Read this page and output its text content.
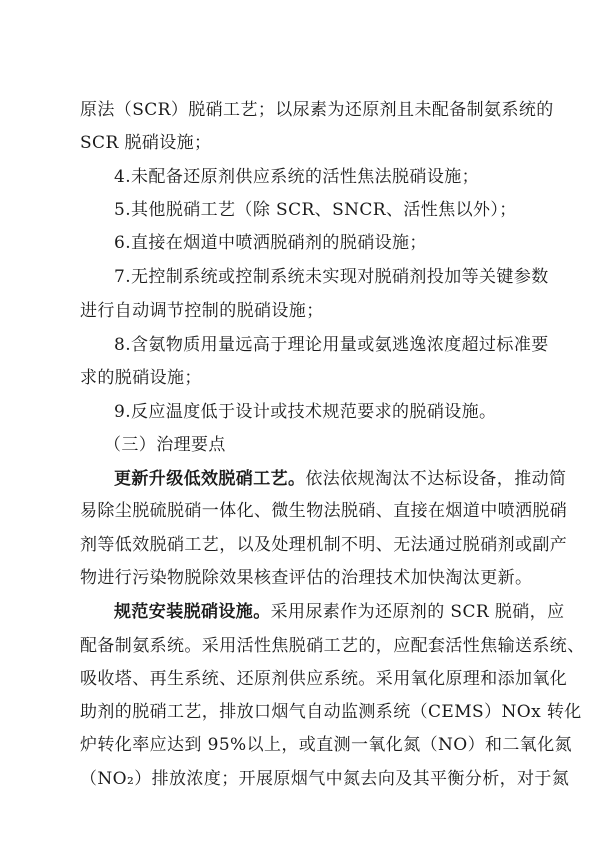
原法（SCR）脱硝工艺；以尿素为还原剂且未配备制氨系统的
SCR 脱硝设施；
4.未配备还原剂供应系统的活性焦法脱硝设施；
5.其他脱硝工艺（除 SCR、SNCR、活性焦以外）；
6.直接在烟道中喷洒脱硝剂的脱硝设施；
7.无控制系统或控制系统未实现对脱硝剂投加等关键参数
进行自动调节控制的脱硝设施；
8.含氨物质用量远高于理论用量或氨逃逸浓度超过标准要
求的脱硝设施；
9.反应温度低于设计或技术规范要求的脱硝设施。
（三）治理要点
更新升级低效脱硝工艺。依法依规淘汰不达标设备，推动简
易除尘脱硫脱硝一体化、微生物法脱硝、直接在烟道中喷洒脱硝
剂等低效脱硝工艺，以及处理机制不明、无法通过脱硝剂或副产
物进行污染物脱除效果核查评估的治理技术加快淘汰更新。
规范安装脱硝设施。采用尿素作为还原剂的 SCR 脱硝，应
配备制氨系统。采用活性焦脱硝工艺的，应配套活性焦输送系统、
吸收塔、再生系统、还原剂供应系统。采用氧化原理和添加氧化
助剂的脱硝工艺，排放口烟气自动监测系统（CEMS）NOx 转化
炉转化率应达到 95%以上，或直测一氧化氮（NO）和二氧化氮
（NO₂）排放浓度；开展原烟气中氮去向及其平衡分析，对于氮
